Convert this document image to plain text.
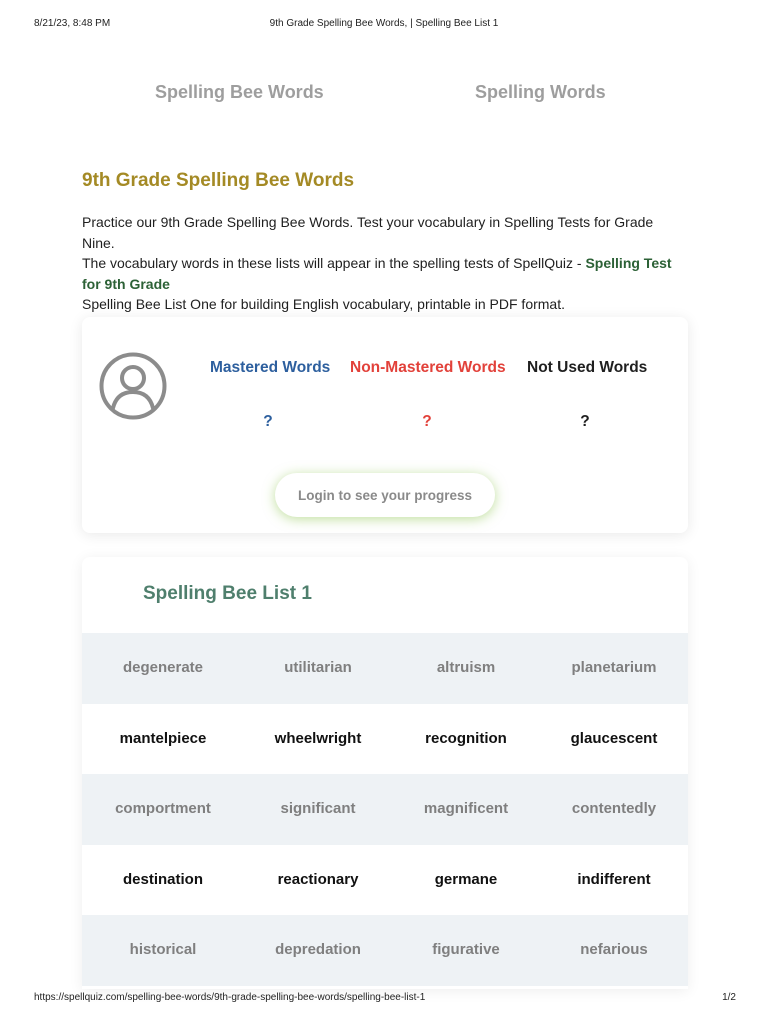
8/21/23, 8:48 PM	9th Grade Spelling Bee Words, | Spelling Bee List 1
Spelling Bee Words	Spelling Words
9th Grade Spelling Bee Words

Practice our 9th Grade Spelling Bee Words. Test your vocabulary in Spelling Tests for Grade Nine.

The vocabulary words in these lists will appear in the spelling tests of SpellQuiz - Spelling Test for 9th Grade

Spelling Bee List One for building English vocabulary, printable in PDF format.

Mastered Words Non-Mastered Words Not Used Words
?	?	?
Login to see your progress
Spelling Bee List 1
degenerate	utilitarian	altruism	planetarium
mantelpiece	wheelwright	recognition	glaucescent
comportment	significant	magnificent	contentedly
destination	reactionary	germane	indifferent
historical	depredation	figurative	nefarious
https://spellquiz.com/spelling-bee-words/9th-grade-spelling-bee-words/spelling-bee-list-1	1/2
